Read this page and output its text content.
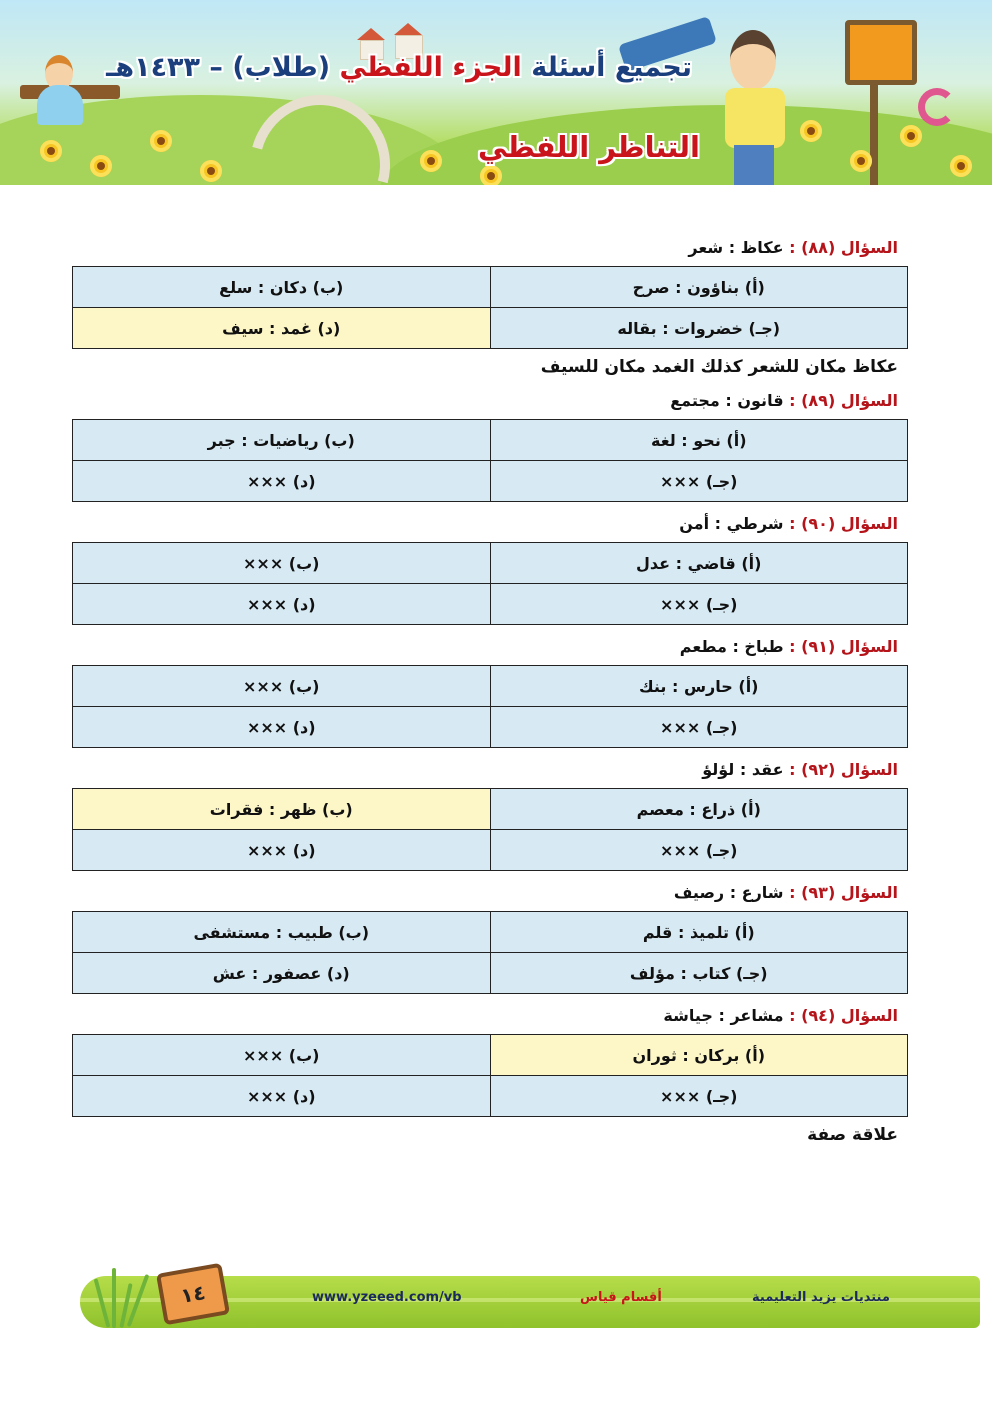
تجميع أسئلة الجزء اللفظي (طلاب) – ١٤٣٣هـ
التناظر اللفظي
السؤال (٨٨) : عكاظ : شعر
(أ) بناؤون : صرح	(ب) دكان : سلع
(جـ) خضروات : بقاله	(د) غمد : سيف
عكاظ مكان للشعر كذلك الغمد مكان للسيف
السؤال (٨٩) : قانون : مجتمع
(أ) نحو : لغة	(ب) رياضيات : جبر
(جـ) ×××	(د) ×××
السؤال (٩٠) : شرطي : أمن
(أ) قاضي : عدل	(ب) ×××
(جـ) ×××	(د) ×××
السؤال (٩١) : طباخ : مطعم
(أ) حارس : بنك	(ب) ×××
(جـ) ×××	(د) ×××
السؤال (٩٢) : عقد : لؤلؤ
(أ) ذراع : معصم	(ب) ظهر : فقرات
(جـ) ×××	(د) ×××
السؤال (٩٣) : شارع : رصيف
(أ) تلميذ : قلم	(ب) طبيب : مستشفى
(جـ) كتاب : مؤلف	(د) عصفور : عش
السؤال (٩٤) : مشاعر : جياشة
(أ) بركان : ثوران	(ب) ×××
(جـ) ×××	(د) ×××
علاقة صفة
١٤	www.yzeeed.com/vb	أقسام قياس	منتديات يزيد التعليمية
